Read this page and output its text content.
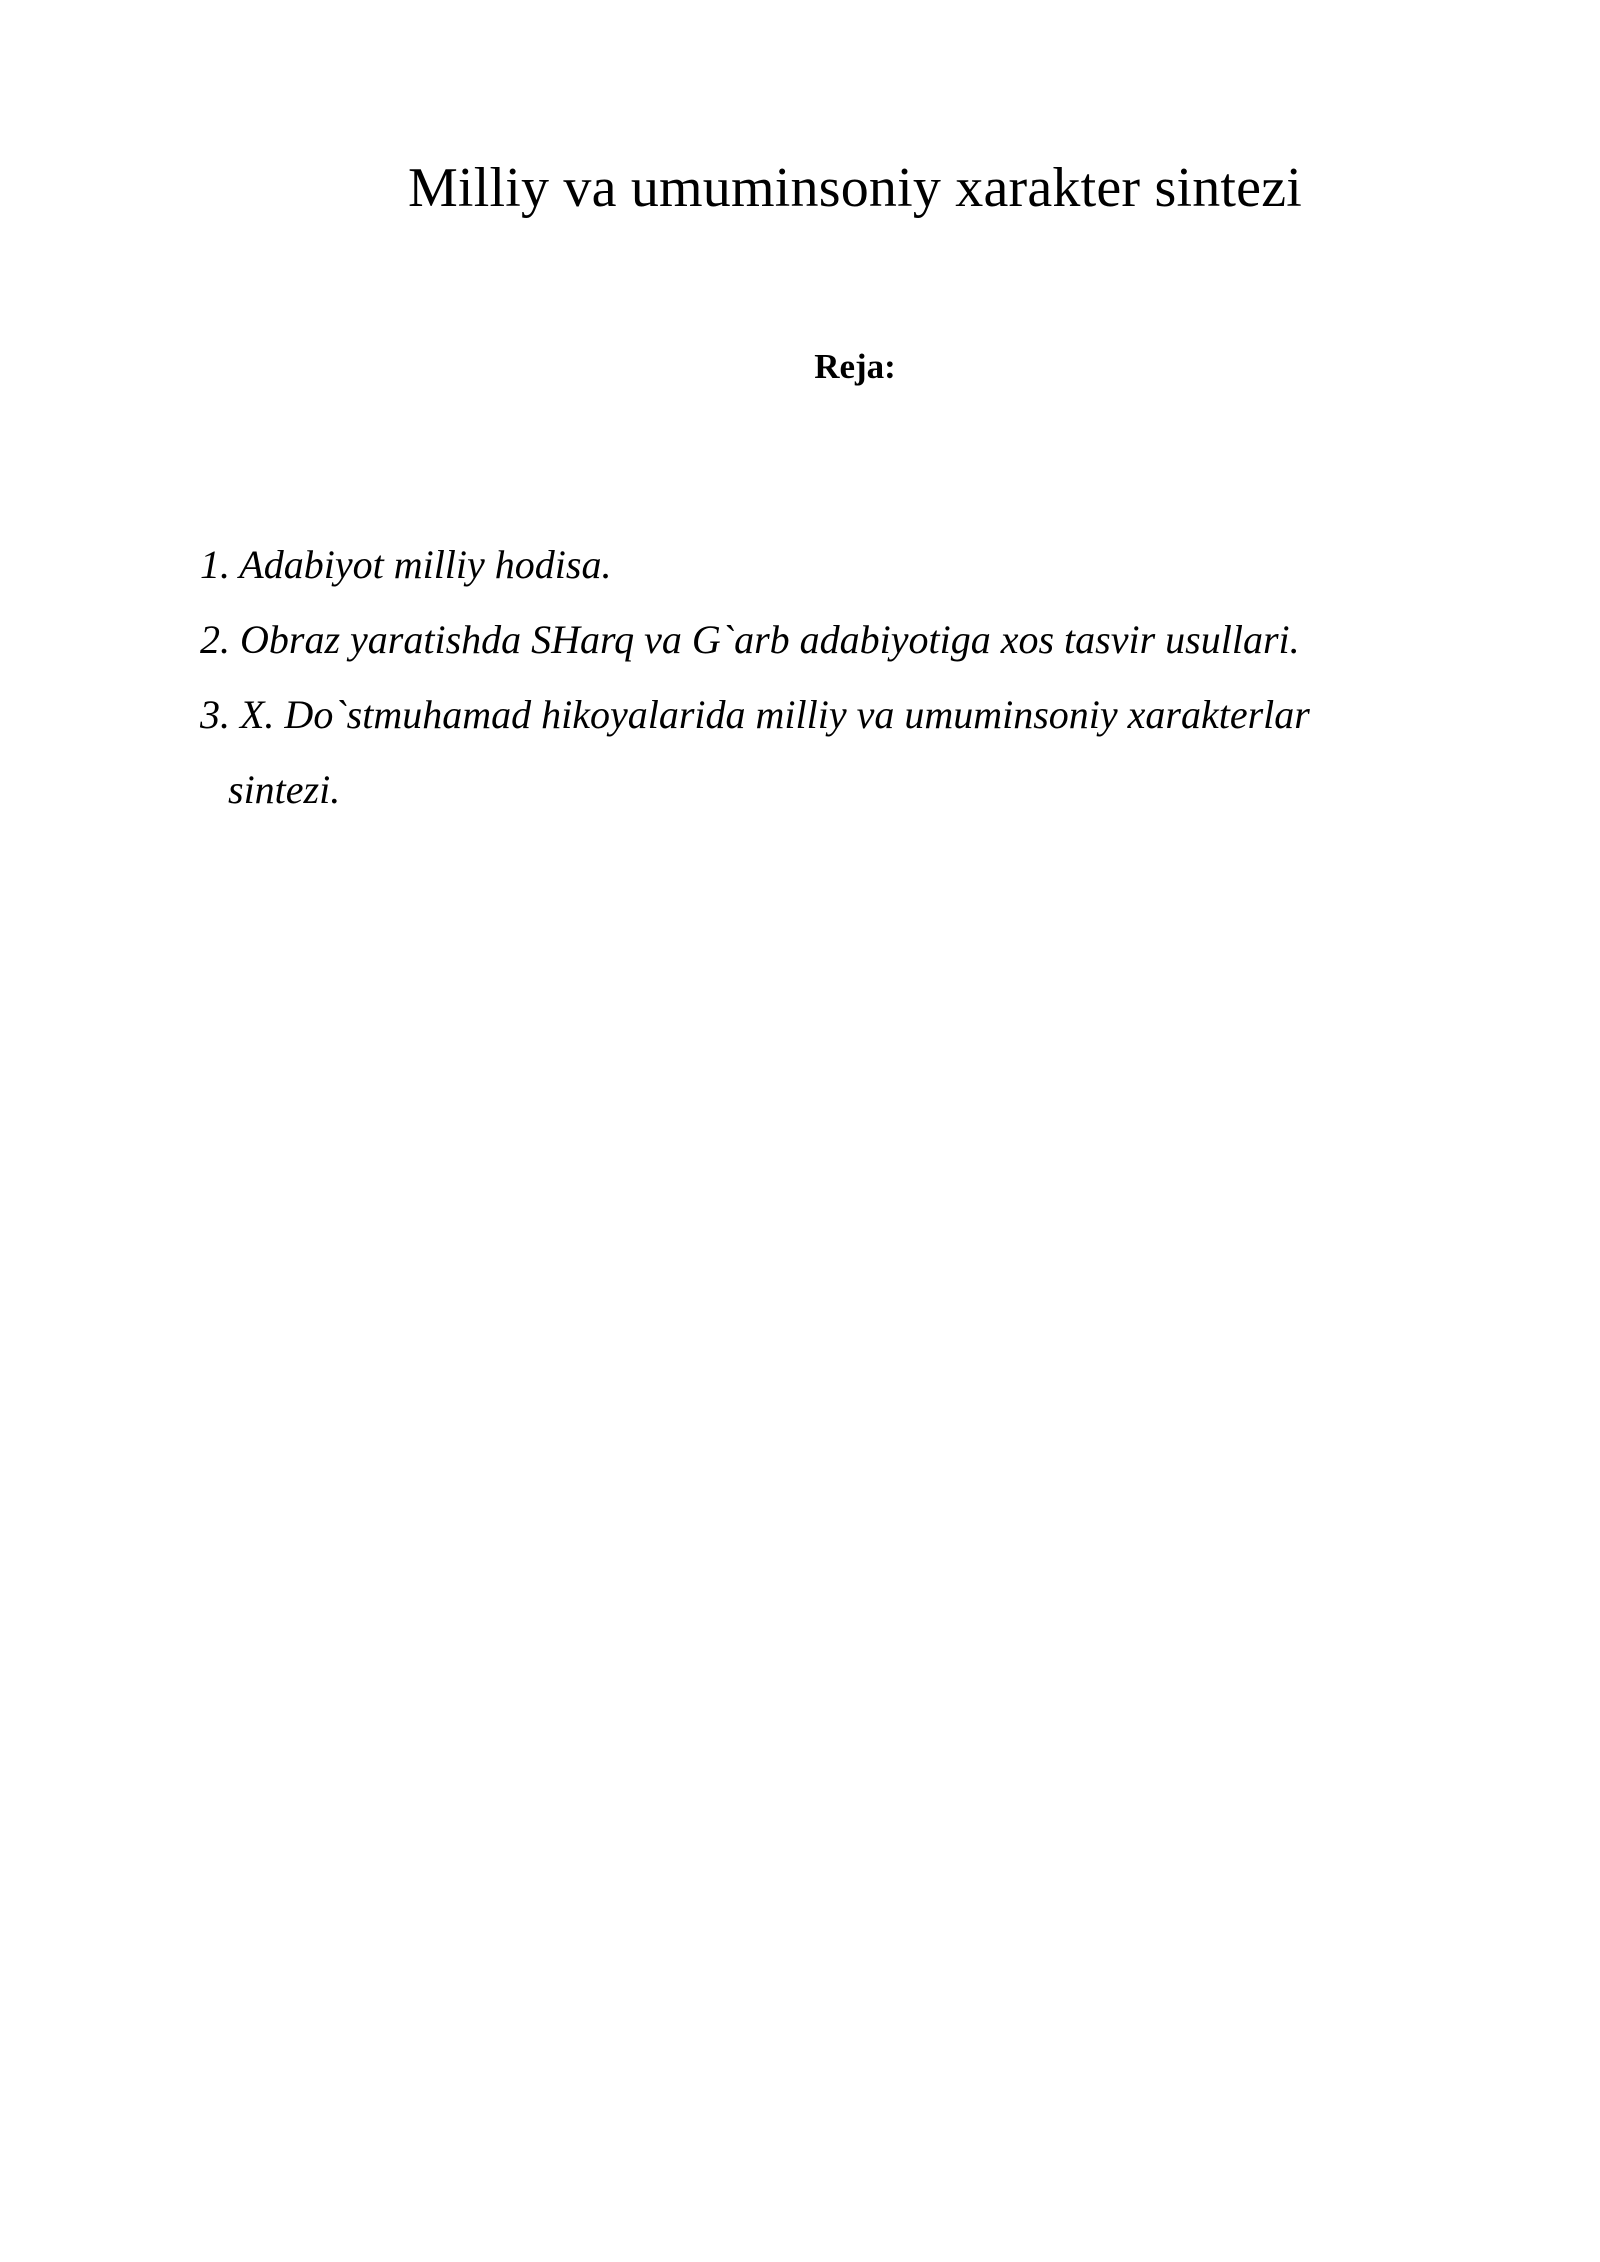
Milliy va umuminsoniy xarakter sintezi
Reja:
1. Adabiyot milliy hodisa.
2. Obraz yaratishda SHarq va G`arb adabiyotiga xos tasvir usullari.
3. X. Do`stmuhamad hikoyalarida milliy va umuminsoniy xarakterlar
sintezi.
